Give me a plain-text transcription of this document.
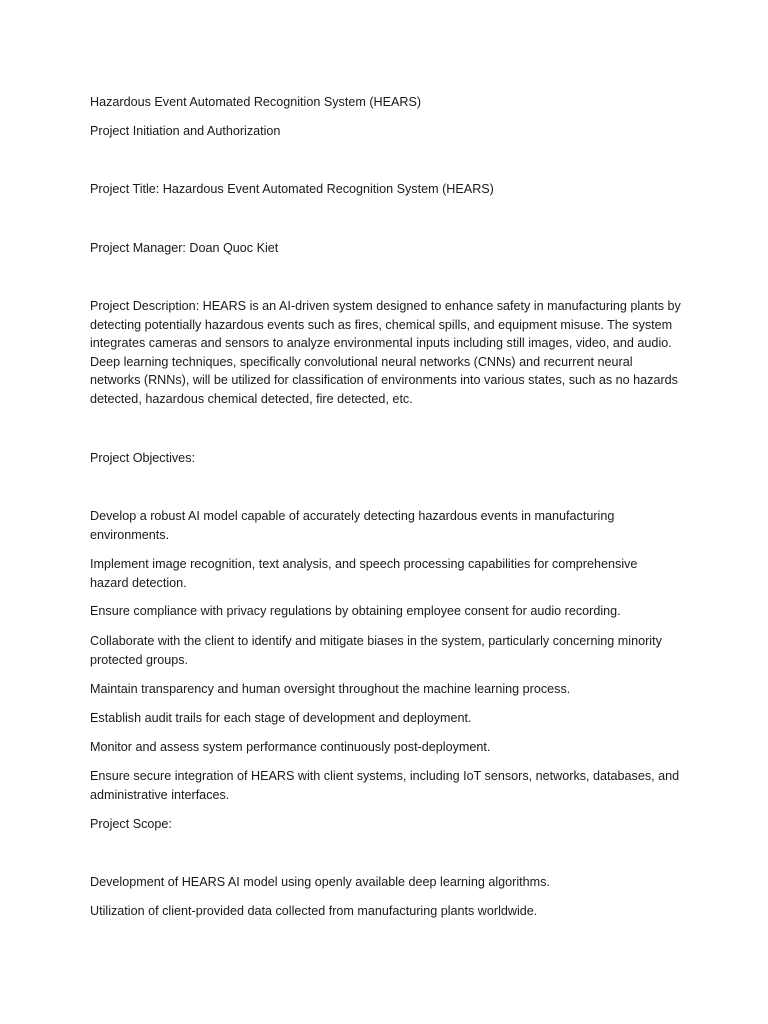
Hazardous Event Automated Recognition System (HEARS)
Project Initiation and Authorization
Project Title: Hazardous Event Automated Recognition System (HEARS)
Project Manager: Doan Quoc Kiet
Project Description: HEARS is an AI-driven system designed to enhance safety in manufacturing plants by detecting potentially hazardous events such as fires, chemical spills, and equipment misuse. The system integrates cameras and sensors to analyze environmental inputs including still images, video, and audio. Deep learning techniques, specifically convolutional neural networks (CNNs) and recurrent neural networks (RNNs), will be utilized for classification of environments into various states, such as no hazards detected, hazardous chemical detected, fire detected, etc.
Project Objectives:
Develop a robust AI model capable of accurately detecting hazardous events in manufacturing environments.
Implement image recognition, text analysis, and speech processing capabilities for comprehensive hazard detection.
Ensure compliance with privacy regulations by obtaining employee consent for audio recording.
Collaborate with the client to identify and mitigate biases in the system, particularly concerning minority protected groups.
Maintain transparency and human oversight throughout the machine learning process.
Establish audit trails for each stage of development and deployment.
Monitor and assess system performance continuously post-deployment.
Ensure secure integration of HEARS with client systems, including IoT sensors, networks, databases, and administrative interfaces.
Project Scope:
Development of HEARS AI model using openly available deep learning algorithms.
Utilization of client-provided data collected from manufacturing plants worldwide.
